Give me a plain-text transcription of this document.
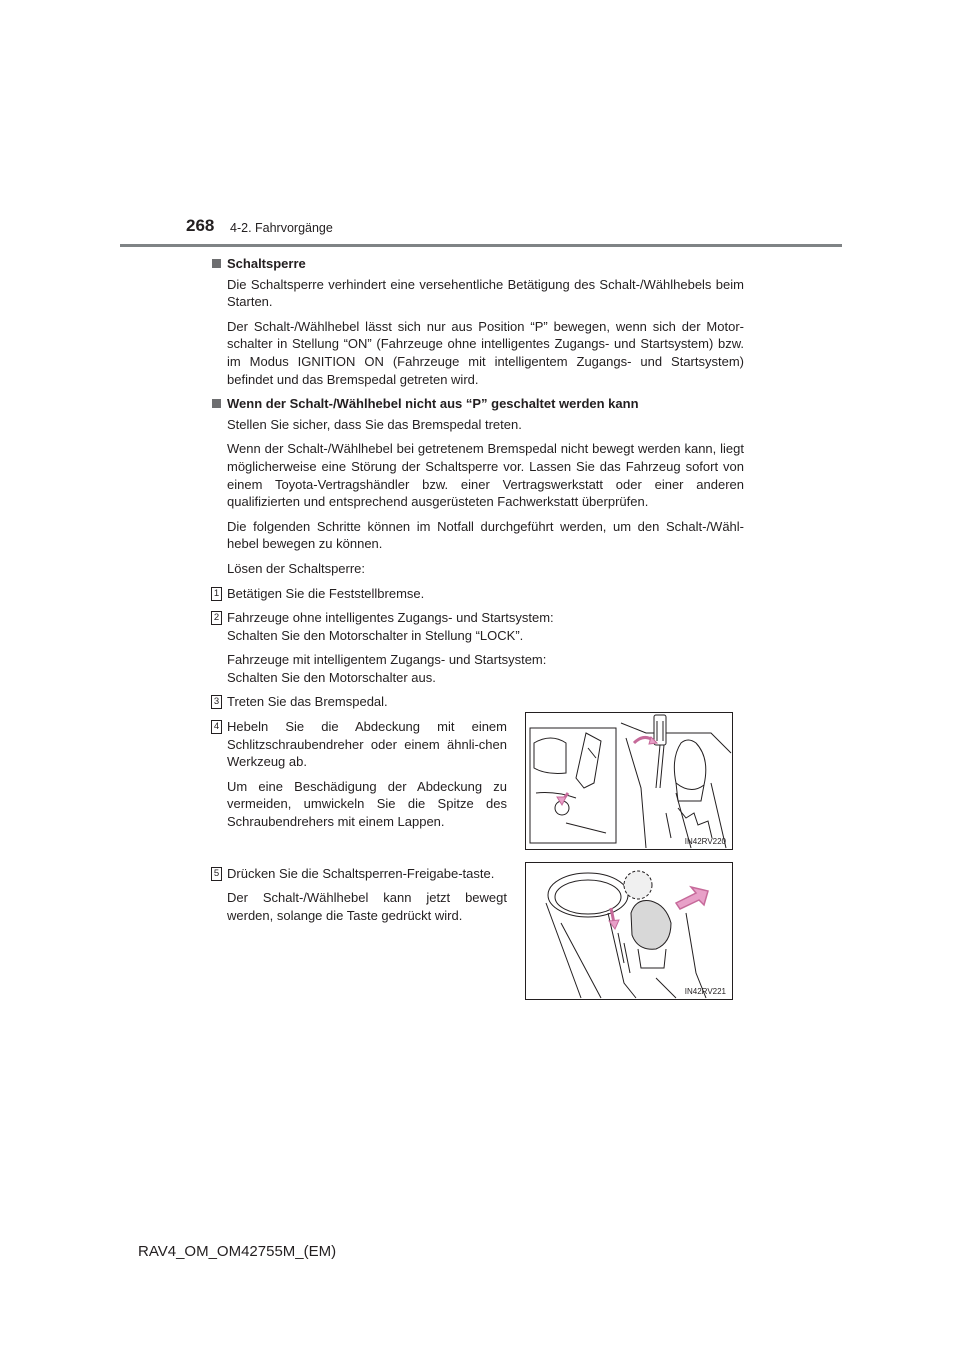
268 4-2. Fahrvorgänge
Schaltsperre

Die Schaltsperre verhindert eine versehentliche Betätigung des Schalt-/Wählhebels beim Starten.

Der Schalt-/Wählhebel lässt sich nur aus Position “P” bewegen, wenn sich der Motor-schalter in Stellung “ON” (Fahrzeuge ohne intelligentes Zugangs- und Startsystem) bzw. im Modus IGNITION ON (Fahrzeuge mit intelligentem Zugangs- und Startsystem) befindet und das Bremspedal getreten wird.

Wenn der Schalt-/Wählhebel nicht aus “P” geschaltet werden kann

Stellen Sie sicher, dass Sie das Bremspedal treten.

Wenn der Schalt-/Wählhebel bei getretenem Bremspedal nicht bewegt werden kann, liegt möglicherweise eine Störung der Schaltsperre vor. Lassen Sie das Fahrzeug sofort von einem Toyota-Vertragshändler bzw. einer Vertragswerkstatt oder einer anderen qualifizierten und entsprechend ausgerüsteten Fachwerkstatt überprüfen.

Die folgenden Schritte können im Notfall durchgeführt werden, um den Schalt-/Wähl-hebel bewegen zu können.

Lösen der Schaltsperre:

1 Betätigen Sie die Feststellbremse.

2 Fahrzeuge ohne intelligentes Zugangs- und Startsystem:
Schalten Sie den Motorschalter in Stellung “LOCK”.

Fahrzeuge mit intelligentem Zugangs- und Startsystem:
Schalten Sie den Motorschalter aus.

3 Treten Sie das Bremspedal.

4 Hebeln Sie die Abdeckung mit einem Schlitzschraubendreher oder einem ähnli-chen Werkzeug ab.

Um eine Beschädigung der Abdeckung zu vermeiden, umwickeln Sie die Spitze des Schraubendrehers mit einem Lappen.

5 Drücken Sie die Schaltsperren-Freigabe-taste.

Der Schalt-/Wählhebel kann jetzt bewegt werden, solange die Taste gedrückt wird.

IN42RV220
IN42RV221
RAV4_OM_OM42755M_(EM)
